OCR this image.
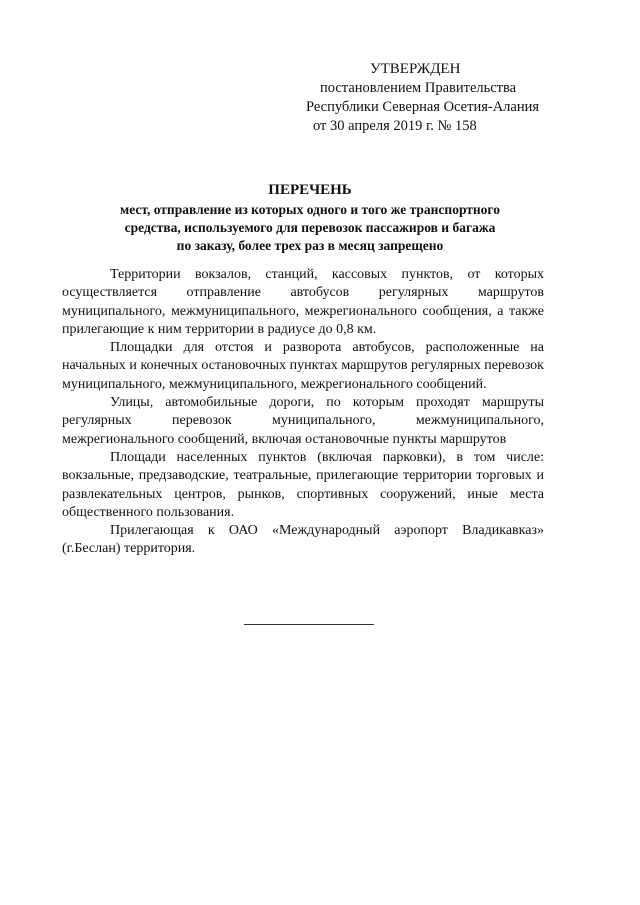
УТВЕРЖДЕН
постановлением Правительства
Республики Северная Осетия-Алания
от 30 апреля 2019 г. № 158
ПЕРЕЧЕНЬ
мест, отправление из которых одного и того же транспортного
средства, используемого для перевозок пассажиров и багажа
по заказу, более трех раз в месяц запрещено

Территории вокзалов, станций, кассовых пунктов, от которых осуществляется отправление автобусов регулярных маршрутов муниципального, межмуниципального, межрегионального сообщения, а также прилегающие к ним территории в радиусе до 0,8 км.

Площадки для отстоя и разворота автобусов, расположенные на начальных и конечных остановочных пунктах маршрутов регулярных перевозок муниципального, межмуниципального, межрегионального сообщений.

Улицы, автомобильные дороги, по которым проходят маршруты регулярных перевозок муниципального, межмуниципального, межрегионального сообщений, включая остановочные пункты маршрутов

Площади населенных пунктов (включая парковки), в том числе: вокзальные, предзаводские, театральные, прилегающие территории торговых и развлекательных центров, рынков, спортивных сооружений, иные места общественного пользования.

Прилегающая к ОАО «Международный аэропорт Владикавказ» (г.Беслан) территория.
